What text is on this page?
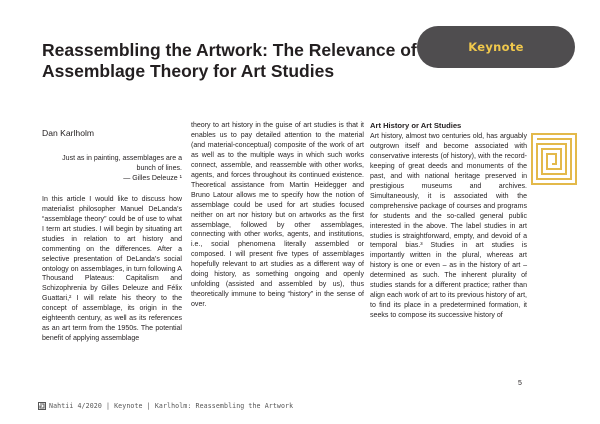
Reassembling the Artwork: The Relevance of Assemblage Theory for Art Studies
Keynote
Dan Karlholm
Just as in painting, assemblages are a bunch of lines.
— Gilles Deleuze ¹

In this article I would like to discuss how materialist philosopher Manuel DeLanda’s “assemblage theory” could be of use to what I term art studies. I will begin by situating art studies in relation to art history and commenting on the differences. After a selective presentation of DeLanda’s social ontology on assemblages, in turn following A Thousand Plateaus: Capitalism and Schizophrenia by Gilles Deleuze and Félix Guattari,² I will relate his theory to the concept of assemblage, its origin in the eighteenth century, as well as its references as an art term from the 1950s. The potential benefit of applying assemblage

theory to art history in the guise of art studies is that it enables us to pay detailed attention to the material (and material-conceptual) composite of the work of art as well as to the multiple ways in which such works connect, assemble, and reassemble with other works, agents, and forces throughout its continued existence. Theoretical assistance from Martin Heidegger and Bruno Latour allows me to specify how the notion of assemblage could be used for art studies focused neither on art nor history but on artworks as the first assemblage, followed by other assemblages, connecting with other works, agents, and institutions, i.e., social phenomena literally assembled or composed. I will present five types of assemblages hopefully relevant to art studies as a different way of doing history, as something ongoing and openly unfolding (assisted and assembled by us), thus theoretically immune to being “history” in the sense of over.

Art History or Art Studies

Art history, almost two centuries old, has arguably outgrown itself and become associated with conservative interests (of history), with the record-keeping of great deeds and monuments of the past, and with national heritage preserved in prestigious museums and archives. Simultaneously, it is associated with the comprehensive package of courses and programs for students and the so-called general public interested in the above. The label studies in art studies is straightforward, empty, and devoid of a temporal bias.³ Studies in art studies is importantly written in the plural, whereas art history is one or even – as in the history of art – determined as such. The inherent plurality of studies stands for a different practice; rather than align each work of art to its previous history of art, to find its place in a predetermined formation, it seeks to compose its successive history of

5
Nahtii 4/2020 | Keynote | Karlholm: Reassembling the Artwork
